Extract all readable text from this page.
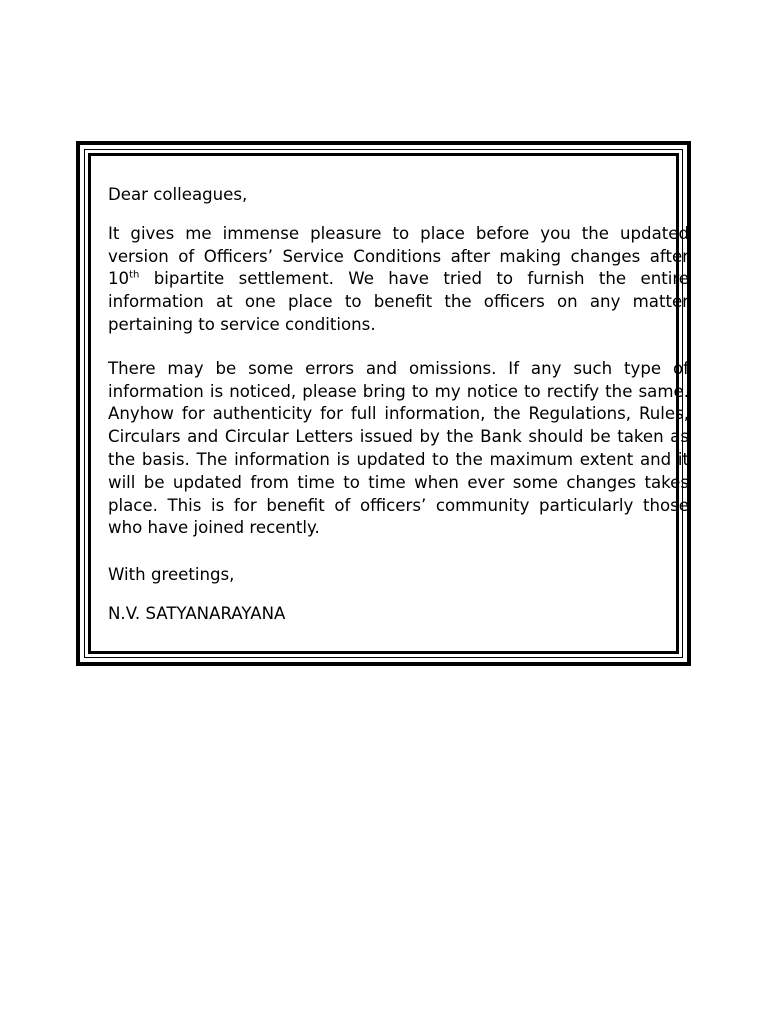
Dear colleagues,

It gives me immense pleasure to place before you the updated version of Officers’ Service Conditions after making changes after 10th bipartite settlement. We have tried to furnish the entire information at one place to benefit the officers on any matter pertaining to service conditions.

There may be some errors and omissions. If any such type of information is noticed, please bring to my notice to rectify the same. Anyhow for authenticity for full information, the Regulations, Rules, Circulars and Circular Letters issued by the Bank should be taken as the basis. The information is updated to the maximum extent and it will be updated from time to time when ever some changes takes place. This is for benefit of officers’ community particularly those who have joined recently.

With greetings,

N.V. SATYANARAYANA
